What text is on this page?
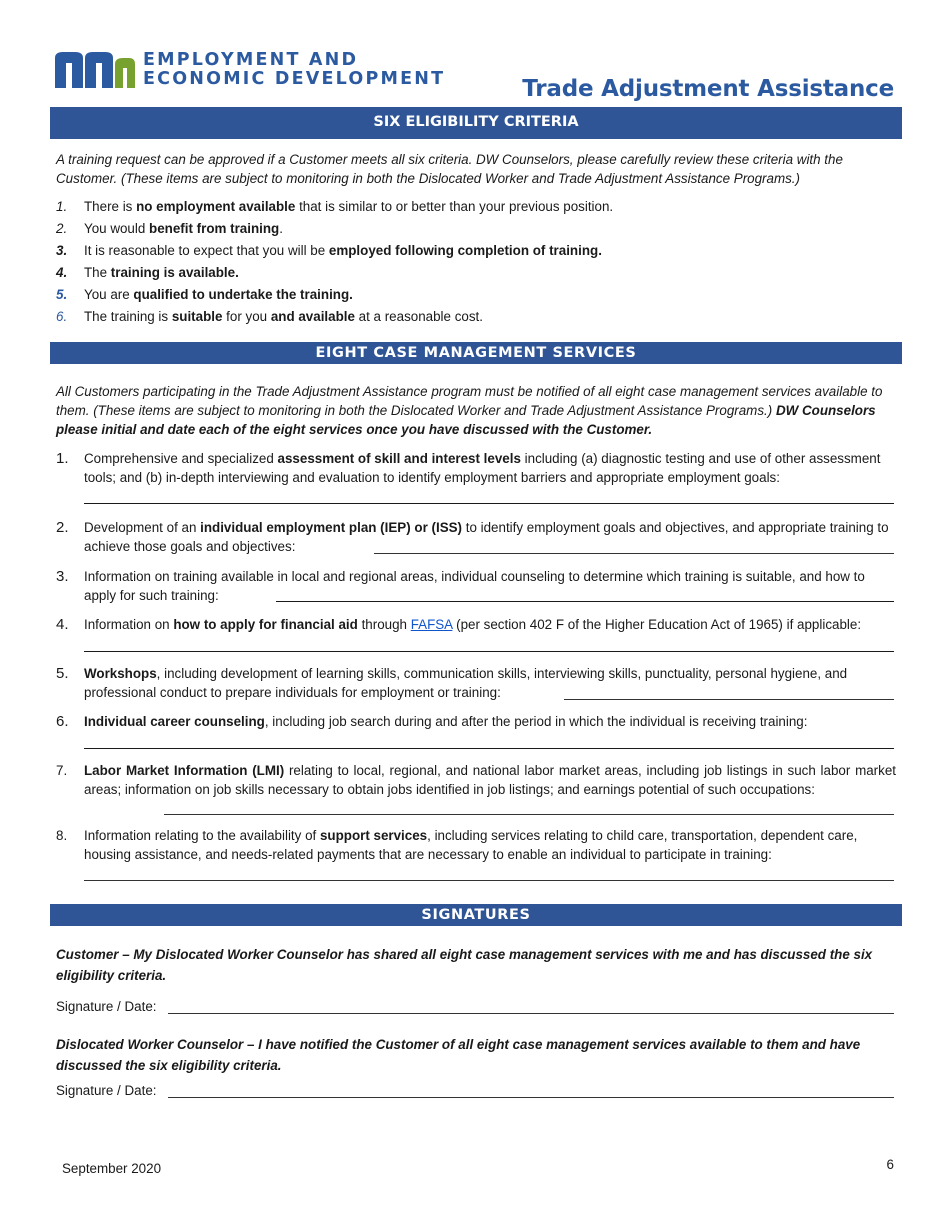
EMPLOYMENT AND
ECONOMIC DEVELOPMENT	Trade Adjustment Assistance
SIX ELIGIBILITY CRITERIA
A training request can be approved if a Customer meets all six criteria. DW Counselors, please carefully review these criteria with the Customer. (These items are subject to monitoring in both the Dislocated Worker and Trade Adjustment Assistance Programs.)
1.	There is no employment available that is similar to or better than your previous position.
2.	You would benefit from training.
3.	It is reasonable to expect that you will be employed following completion of training.
4.	The training is available.
5.	You are qualified to undertake the training.
6.	The training is suitable for you and available at a reasonable cost.
EIGHT CASE MANAGEMENT SERVICES
All Customers participating in the Trade Adjustment Assistance program must be notified of all eight case management services available to them. (These items are subject to monitoring in both the Dislocated Worker and Trade Adjustment Assistance Programs.) DW Counselors please initial and date each of the eight services once you have discussed with the Customer.
1. Comprehensive and specialized assessment of skill and interest levels including (a) diagnostic testing and use of other assessment tools; and (b) in-depth interviewing and evaluation to identify employment barriers and appropriate employment goals:
2. Development of an individual employment plan (IEP) or (ISS) to identify employment goals and objectives, and appropriate training to achieve those goals and objectives:
3. Information on training available in local and regional areas, individual counseling to determine which training is suitable, and how to apply for such training:
4. Information on how to apply for financial aid through FAFSA (per section 402 F of the Higher Education Act of 1965) if applicable:
5. Workshops, including development of learning skills, communication skills, interviewing skills, punctuality, personal hygiene, and professional conduct to prepare individuals for employment or training:
6. Individual career counseling, including job search during and after the period in which the individual is receiving training:
7. Labor Market Information (LMI) relating to local, regional, and national labor market areas, including job listings in such labor market areas; information on job skills necessary to obtain jobs identified in job listings; and earnings potential of such occupations:
8. Information relating to the availability of support services, including services relating to child care, transportation, dependent care, housing assistance, and needs-related payments that are necessary to enable an individual to participate in training:
SIGNATURES
Customer – My Dislocated Worker Counselor has shared all eight case management services with me and has discussed the six eligibility criteria.
Signature / Date:
Dislocated Worker Counselor – I have notified the Customer of all eight case management services available to them and have discussed the six eligibility criteria.
Signature / Date:
September 2020	6
